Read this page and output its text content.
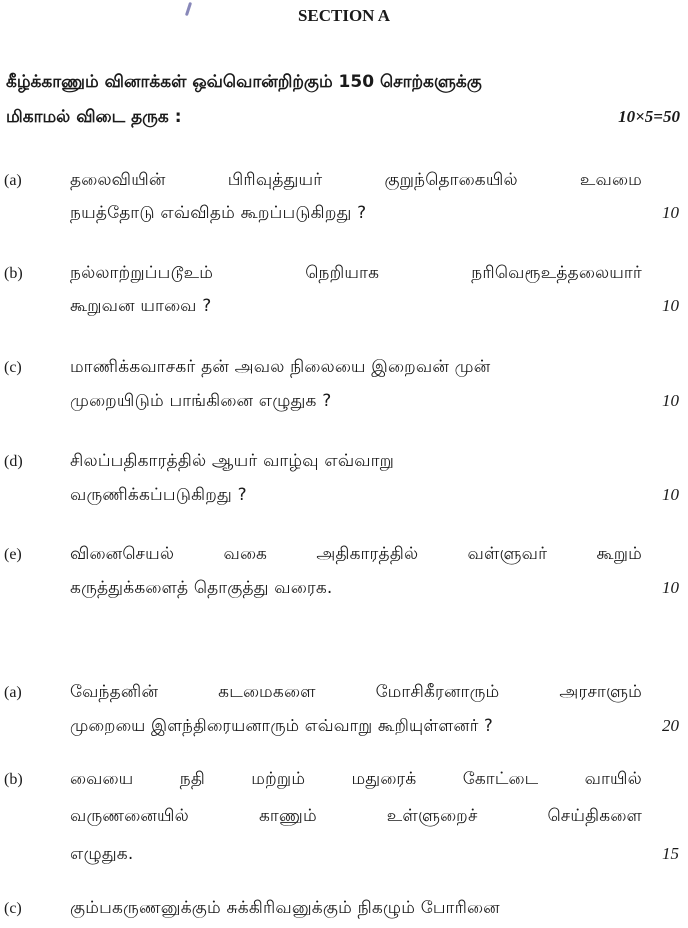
SECTION A
கீழ்க்காணும் வினாக்கள் ஒவ்வொன்றிற்கும் 150 சொற்களுக்கு
மிகாமல் விடை தருக :	10×5=50
(a)	தலைவியின் பிரிவுத்துயர் குறுந்தொகையில் உவமை
நயத்தோடு எவ்விதம் கூறப்படுகிறது ?	10
(b)	நல்லாற்றுப்படூஉம் நெறியாக நரிவெரூஉத்தலையார்
கூறுவன யாவை ?	10
(c)	மாணிக்கவாசகர் தன் அவல நிலையை இறைவன் முன்
முறையிடும் பாங்கினை எழுதுக ?	10
(d)	சிலப்பதிகாரத்தில் ஆயர் வாழ்வு எவ்வாறு
வருணிக்கப்படுகிறது ?	10
(e)	வினைசெயல் வகை அதிகாரத்தில் வள்ளுவர் கூறும்
கருத்துக்களைத் தொகுத்து வரைக.	10
(a)	வேந்தனின் கடமைகளை மோசிகீரனாரும் அரசாளும்
முறையை இளந்திரையனாரும் எவ்வாறு கூறியுள்ளனர் ?	20
(b)	வையை நதி மற்றும் மதுரைக் கோட்டை வாயில்
வருணனையில் காணும் உள்ளுறைச் செய்திகளை
எழுதுக.	15
(c)	கும்பகருணனுக்கும் சுக்கிரிவனுக்கும் நிகழும் போரினை
